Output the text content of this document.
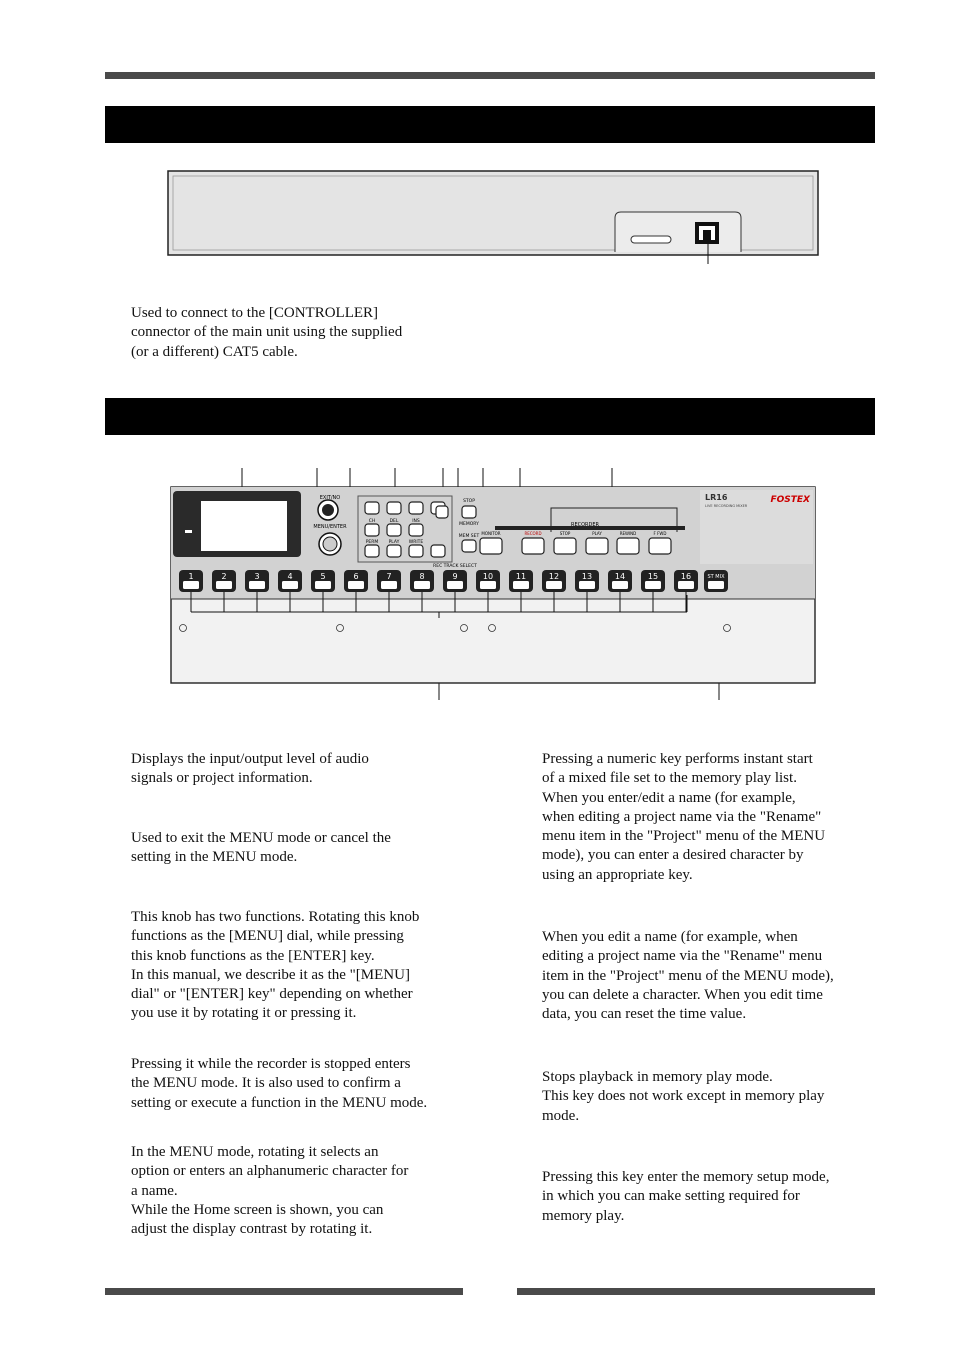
Used to connect to the [CONTROLLER]
connector of the main unit using the supplied
(or a different) CAT5 cable.

EXIT/NO
MENU/ENTER
CH	DEL	INS
PERM PLAY WRITE
STOP
MEMORY
MEM SET
RECORDER
MONITOR	RECORD	STOP	PLAY	REWIND	F FWD
LR16
LIVE RECORDING MIXER
FOSTEX
REC TRACK SELECT
1	2	3	4	5	6	7	8	9	10	11	12	13	14	15	16	ST MIX

Displays the input/output level of audio
signals or project information.

Used to exit the MENU mode or cancel the
setting in the MENU mode.

This knob has two functions. Rotating this knob
functions as the [MENU] dial, while pressing
this knob functions as the [ENTER] key.
In this manual, we describe it as the "[MENU]
dial" or "[ENTER] key" depending on whether
you use it by rotating it or pressing it.

Pressing it while the recorder is stopped enters
the MENU mode. It is also used to confirm a
setting or execute a function in the MENU mode.

In the MENU mode, rotating it selects an
option or enters an alphanumeric character for
a name.
While the Home screen is shown, you can
adjust the display contrast by rotating it.

Pressing a numeric key performs instant start
of a mixed file set to the memory play list.
When you enter/edit a name (for example,
when editing a project name via the "Rename"
menu item in the "Project" menu of the MENU
mode), you can enter a desired character by
using an appropriate key.

When you edit a name (for example, when
editing a project name via the "Rename" menu
item in the "Project" menu of the MENU mode),
you can delete a character. When you edit time
data, you can reset the time value.

Stops playback in memory play mode.
This key does not work except in memory play
mode.

Pressing this key enter the memory setup mode,
in which you can make setting required for
memory play.
